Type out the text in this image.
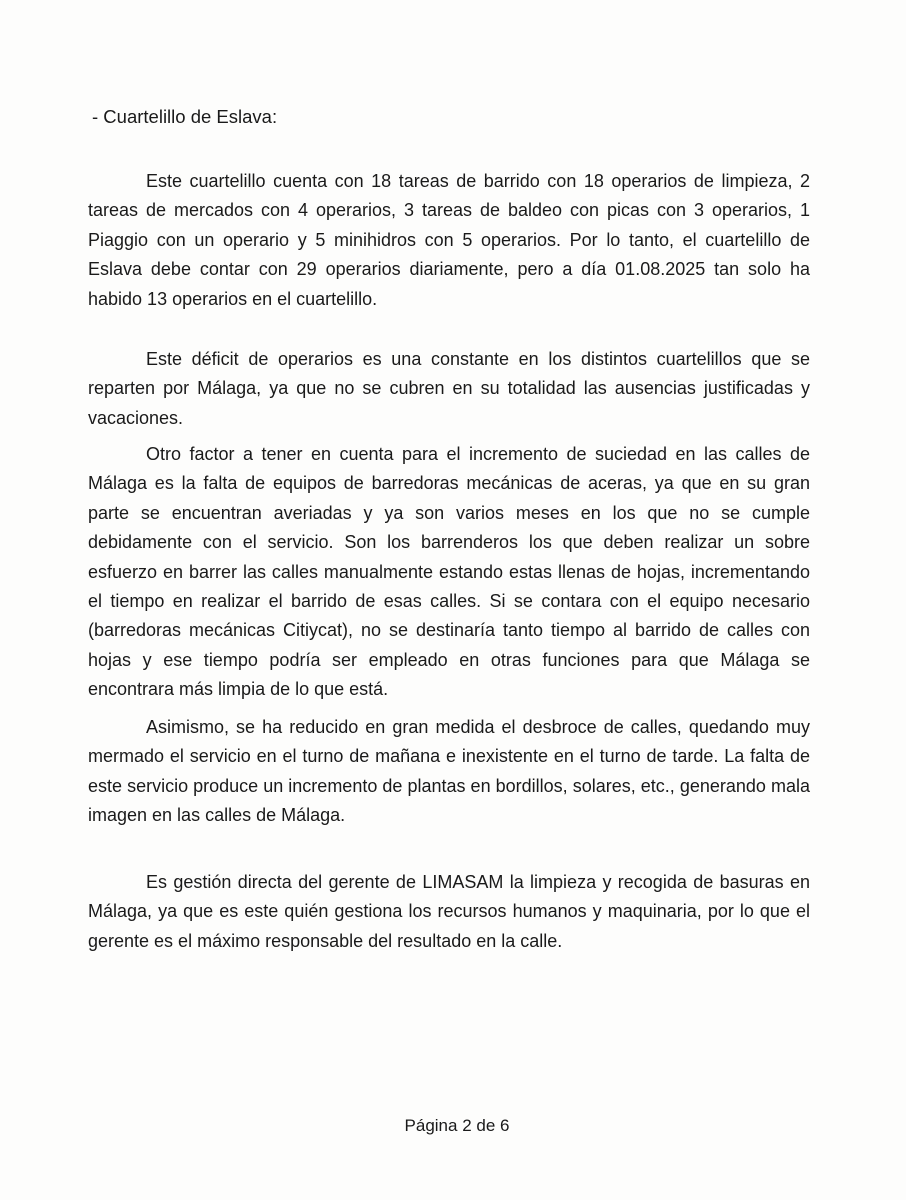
- Cuartelillo de Eslava:

Este cuartelillo cuenta con 18 tareas de barrido con 18 operarios de limpieza, 2 tareas de mercados con 4 operarios, 3 tareas de baldeo con picas con 3 operarios, 1 Piaggio con un operario y 5 minihidros con 5 operarios. Por lo tanto, el cuartelillo de Eslava debe contar con 29 operarios diariamente, pero a día 01.08.2025 tan solo ha habido 13 operarios en el cuartelillo.

Este déficit de operarios es una constante en los distintos cuartelillos que se reparten por Málaga, ya que no se cubren en su totalidad las ausencias justificadas y vacaciones.

Otro factor a tener en cuenta para el incremento de suciedad en las calles de Málaga es la falta de equipos de barredoras mecánicas de aceras, ya que en su gran parte se encuentran averiadas y ya son varios meses en los que no se cumple debidamente con el servicio. Son los barrenderos los que deben realizar un sobre esfuerzo en barrer las calles manualmente estando estas llenas de hojas, incrementando el tiempo en realizar el barrido de esas calles. Si se contara con el equipo necesario (barredoras mecánicas Citiycat), no se destinaría tanto tiempo al barrido de calles con hojas y ese tiempo podría ser empleado en otras funciones para que Málaga se encontrara más limpia de lo que está.

Asimismo, se ha reducido en gran medida el desbroce de calles, quedando muy mermado el servicio en el turno de mañana e inexistente en el turno de tarde. La falta de este servicio produce un incremento de plantas en bordillos, solares, etc., generando mala imagen en las calles de Málaga.

Es gestión directa del gerente de LIMASAM la limpieza y recogida de basuras en Málaga, ya que es este quién gestiona los recursos humanos y maquinaria, por lo que el gerente es el máximo responsable del resultado en la calle.

Página 2 de 6
